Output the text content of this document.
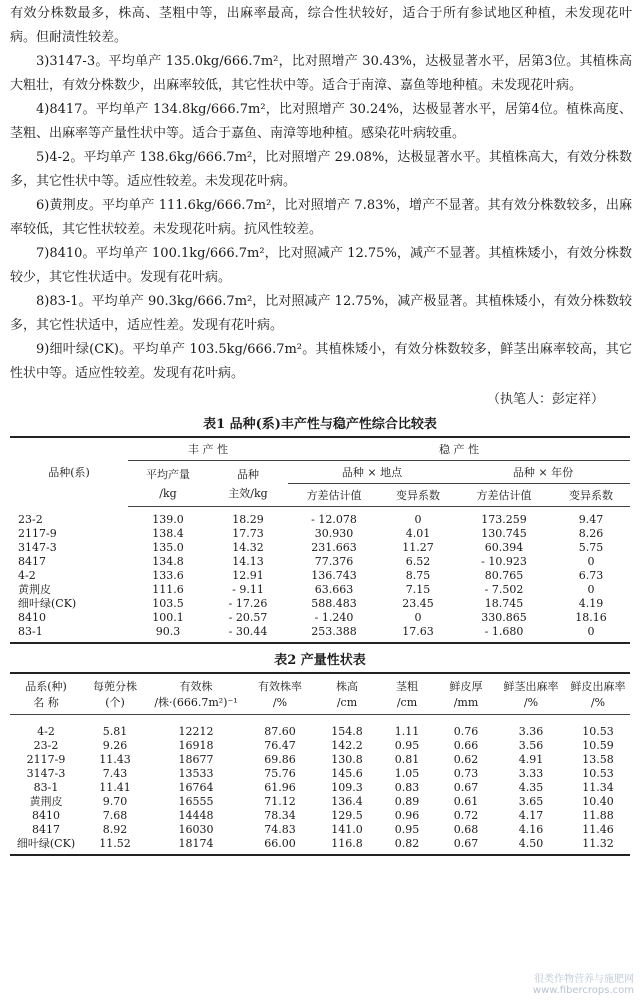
有效分株数最多，株高、茎粗中等，出麻率最高，综合性状较好，适合于所有参试地区种植，未发现花叶病。但耐渍性较差。

3)3147-3。平均单产 135.0kg/666.7m²，比对照增产 30.43%，达极显著水平，居第3位。其植株高大粗壮，有效分株数少，出麻率较低，其它性状中等。适合于南漳、嘉鱼等地种植。未发现花叶病。

4)8417。平均单产 134.8kg/666.7m²，比对照增产 30.24%，达极显著水平，居第4位。植株高度、茎粗、出麻率等产量性状中等。适合于嘉鱼、南漳等地种植。感染花叶病较重。

5)4-2。平均单产 138.6kg/666.7m²，比对照增产 29.08%，达极显著水平。其植株高大，有效分株数多，其它性状中等。适应性较差。未发现花叶病。

6)黄荆皮。平均单产 111.6kg/666.7m²，比对照增产 7.83%，增产不显著。其有效分株数较多，出麻率较低，其它性状较差。未发现花叶病。抗风性较差。

7)8410。平均单产 100.1kg/666.7m²，比对照减产 12.75%，减产不显著。其植株矮小，有效分株数较少，其它性状适中。发现有花叶病。

8)83-1。平均单产 90.3kg/666.7m²，比对照减产 12.75%，减产极显著。其植株矮小，有效分株数较多，其它性状适中，适应性差。发现有花叶病。

9)细叶绿(CK)。平均单产 103.5kg/666.7m²。其植株矮小，有效分株数较多，鲜茎出麻率较高，其它性状中等。适应性较差。发现有花叶病。

（执笔人：彭定祥）

表1 品种(系)丰产性与稳产性综合比较表

品种(系)	丰 产 性		稳 产 性			
	平均产量	品种	品种 × 地点		品种 × 年份	
	/kg	主效/kg	方差估计值	变异系数	方差估计值	变异系数
23-2	139.0	18.29	- 12.078	0	173.259	9.47
2117-9	138.4	17.73	30.930	4.01	130.745	8.26
3147-3	135.0	14.32	231.663	11.27	60.394	5.75
8417	134.8	14.13	77.376	6.52	- 10.923	0
4-2	133.6	12.91	136.743	8.75	80.765	6.73
黄荆皮	111.6	- 9.11	63.663	7.15	- 7.502	0
细叶绿(CK)	103.5	- 17.26	588.483	23.45	18.745	4.19
8410	100.1	- 20.57	- 1.240	0	330.865	18.16
83-1	90.3	- 30.44	253.388	17.63	- 1.680	0

表2 产量性状表

品系(种)	每蔸分株	有效株	有效株率	株高	茎粗	鲜皮厚	鲜茎出麻率	鲜皮出麻率
名 称	(个)	/株·(666.7m²)⁻¹	/%	/cm	/cm	/mm	/%	/%
4-2	5.81	12212	87.60	154.8	1.11	0.76	3.36	10.53
23-2	9.26	16918	76.47	142.2	0.95	0.66	3.56	10.59
2117-9	11.43	18677	69.86	130.8	0.81	0.62	4.91	13.58
3147-3	7.43	13533	75.76	145.6	1.05	0.73	3.33	10.53
83-1	11.41	16764	61.96	109.3	0.83	0.67	4.35	11.34
黄荆皮	9.70	16555	71.12	136.4	0.89	0.61	3.65	10.40
8410	7.68	14448	78.34	129.5	0.96	0.72	4.17	11.88
8417	8.92	16030	74.83	141.0	0.95	0.68	4.16	11.46
细叶绿(CK)	11.52	18174	66.00	116.8	0.82	0.67	4.50	11.32
很类作物营养与施肥网
www.fibercrops.com
